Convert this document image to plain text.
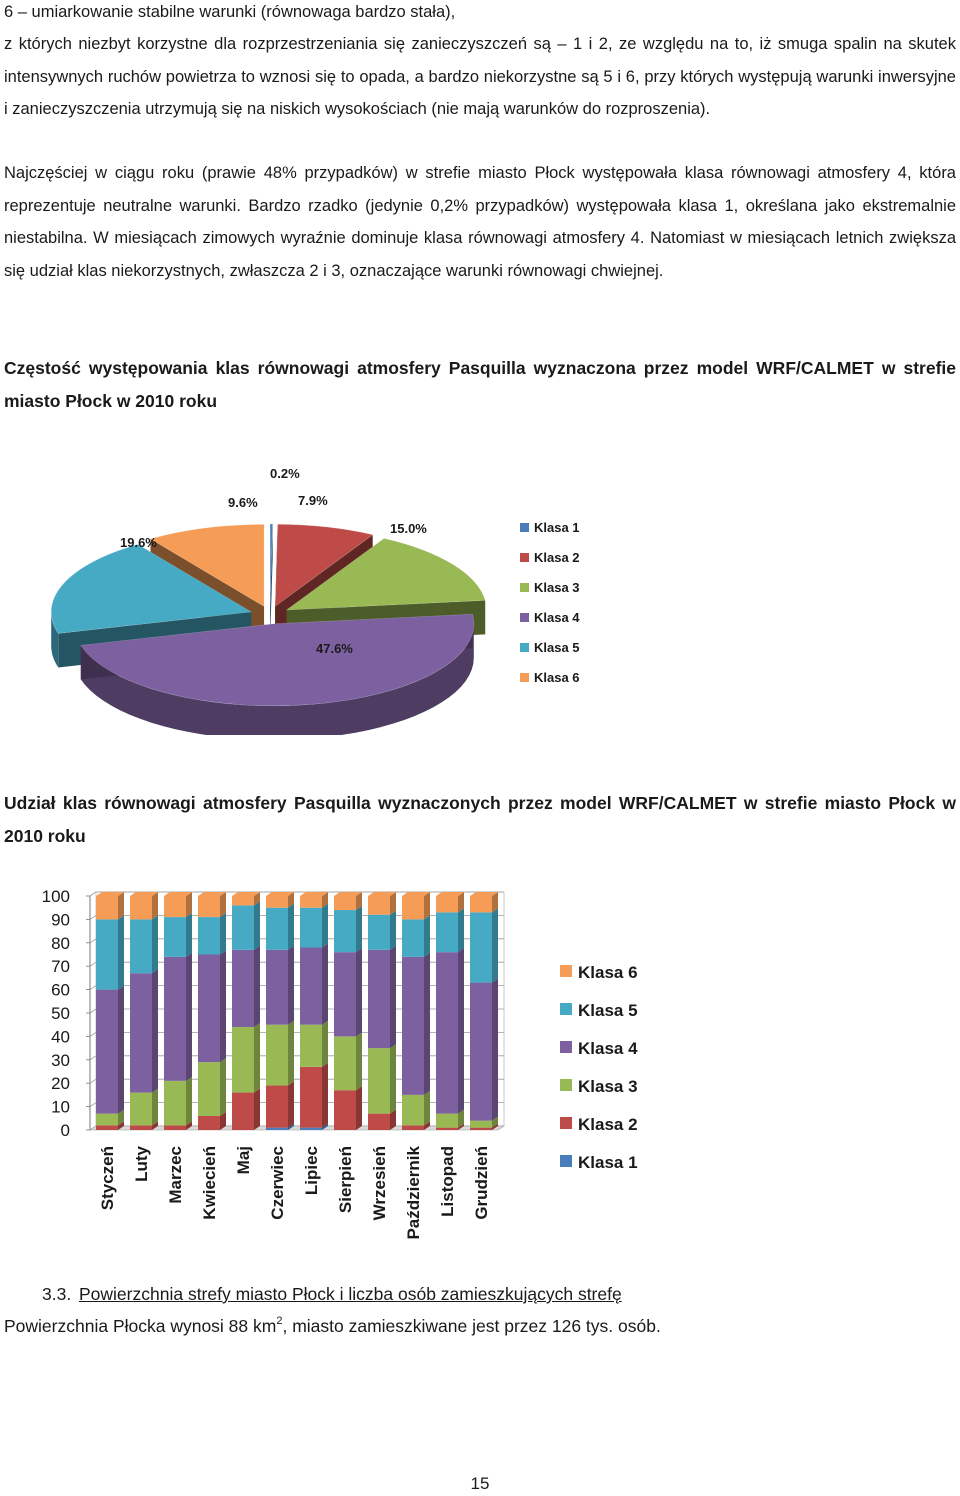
6 – umiarkowanie stabilne warunki (równowaga bardzo stała),

z których niezbyt korzystne dla rozprzestrzeniania się zanieczyszczeń są – 1 i 2, ze względu na to, iż smuga spalin na skutek intensywnych ruchów powietrza to wznosi się to opada, a bardzo niekorzystne są 5 i 6, przy których występują warunki inwersyjne i zanieczyszczenia utrzymują się na niskich wysokościach (nie mają warunków do rozproszenia).

Najczęściej w ciągu roku (prawie 48% przypadków) w strefie miasto Płock występowała klasa równowagi atmosfery 4, która reprezentuje neutralne warunki. Bardzo rzadko (jedynie 0,2% przypadków) występowała klasa 1, określana jako ekstremalnie niestabilna. W miesiącach zimowych wyraźnie dominuje klasa równowagi atmosfery 4. Natomiast w miesiącach letnich zwiększa się udział klas niekorzystnych, zwłaszcza 2 i 3, oznaczające warunki równowagi chwiejnej.

Częstość występowania klas równowagi atmosfery Pasquilla wyznaczona przez model WRF/CALMET w strefie miasto Płock w 2010 roku

0.2%
7.9%
15.0%
47.6%
19.6%
9.6%
Klasa 1
Klasa 2
Klasa 3
Klasa 4
Klasa 5
Klasa 6

Udział klas równowagi atmosfery Pasquilla wyznaczonych przez model WRF/CALMET w strefie miasto Płock w 2010 roku

0
10
20
30
40
50
60
70
80
90
100
Styczeń Luty Marzec Kwiecień Maj Czerwiec Lipiec Sierpień Wrzesień Październik Listopad Grudzień
Klasa 6
Klasa 5
Klasa 4
Klasa 3
Klasa 2
Klasa 1
3.3. Powierzchnia strefy miasto Płock i liczba osób zamieszkujących strefę
Powierzchnia Płocka wynosi 88 $km^2$, miasto zamieszkiwane jest przez 126 tys. osób.
15
